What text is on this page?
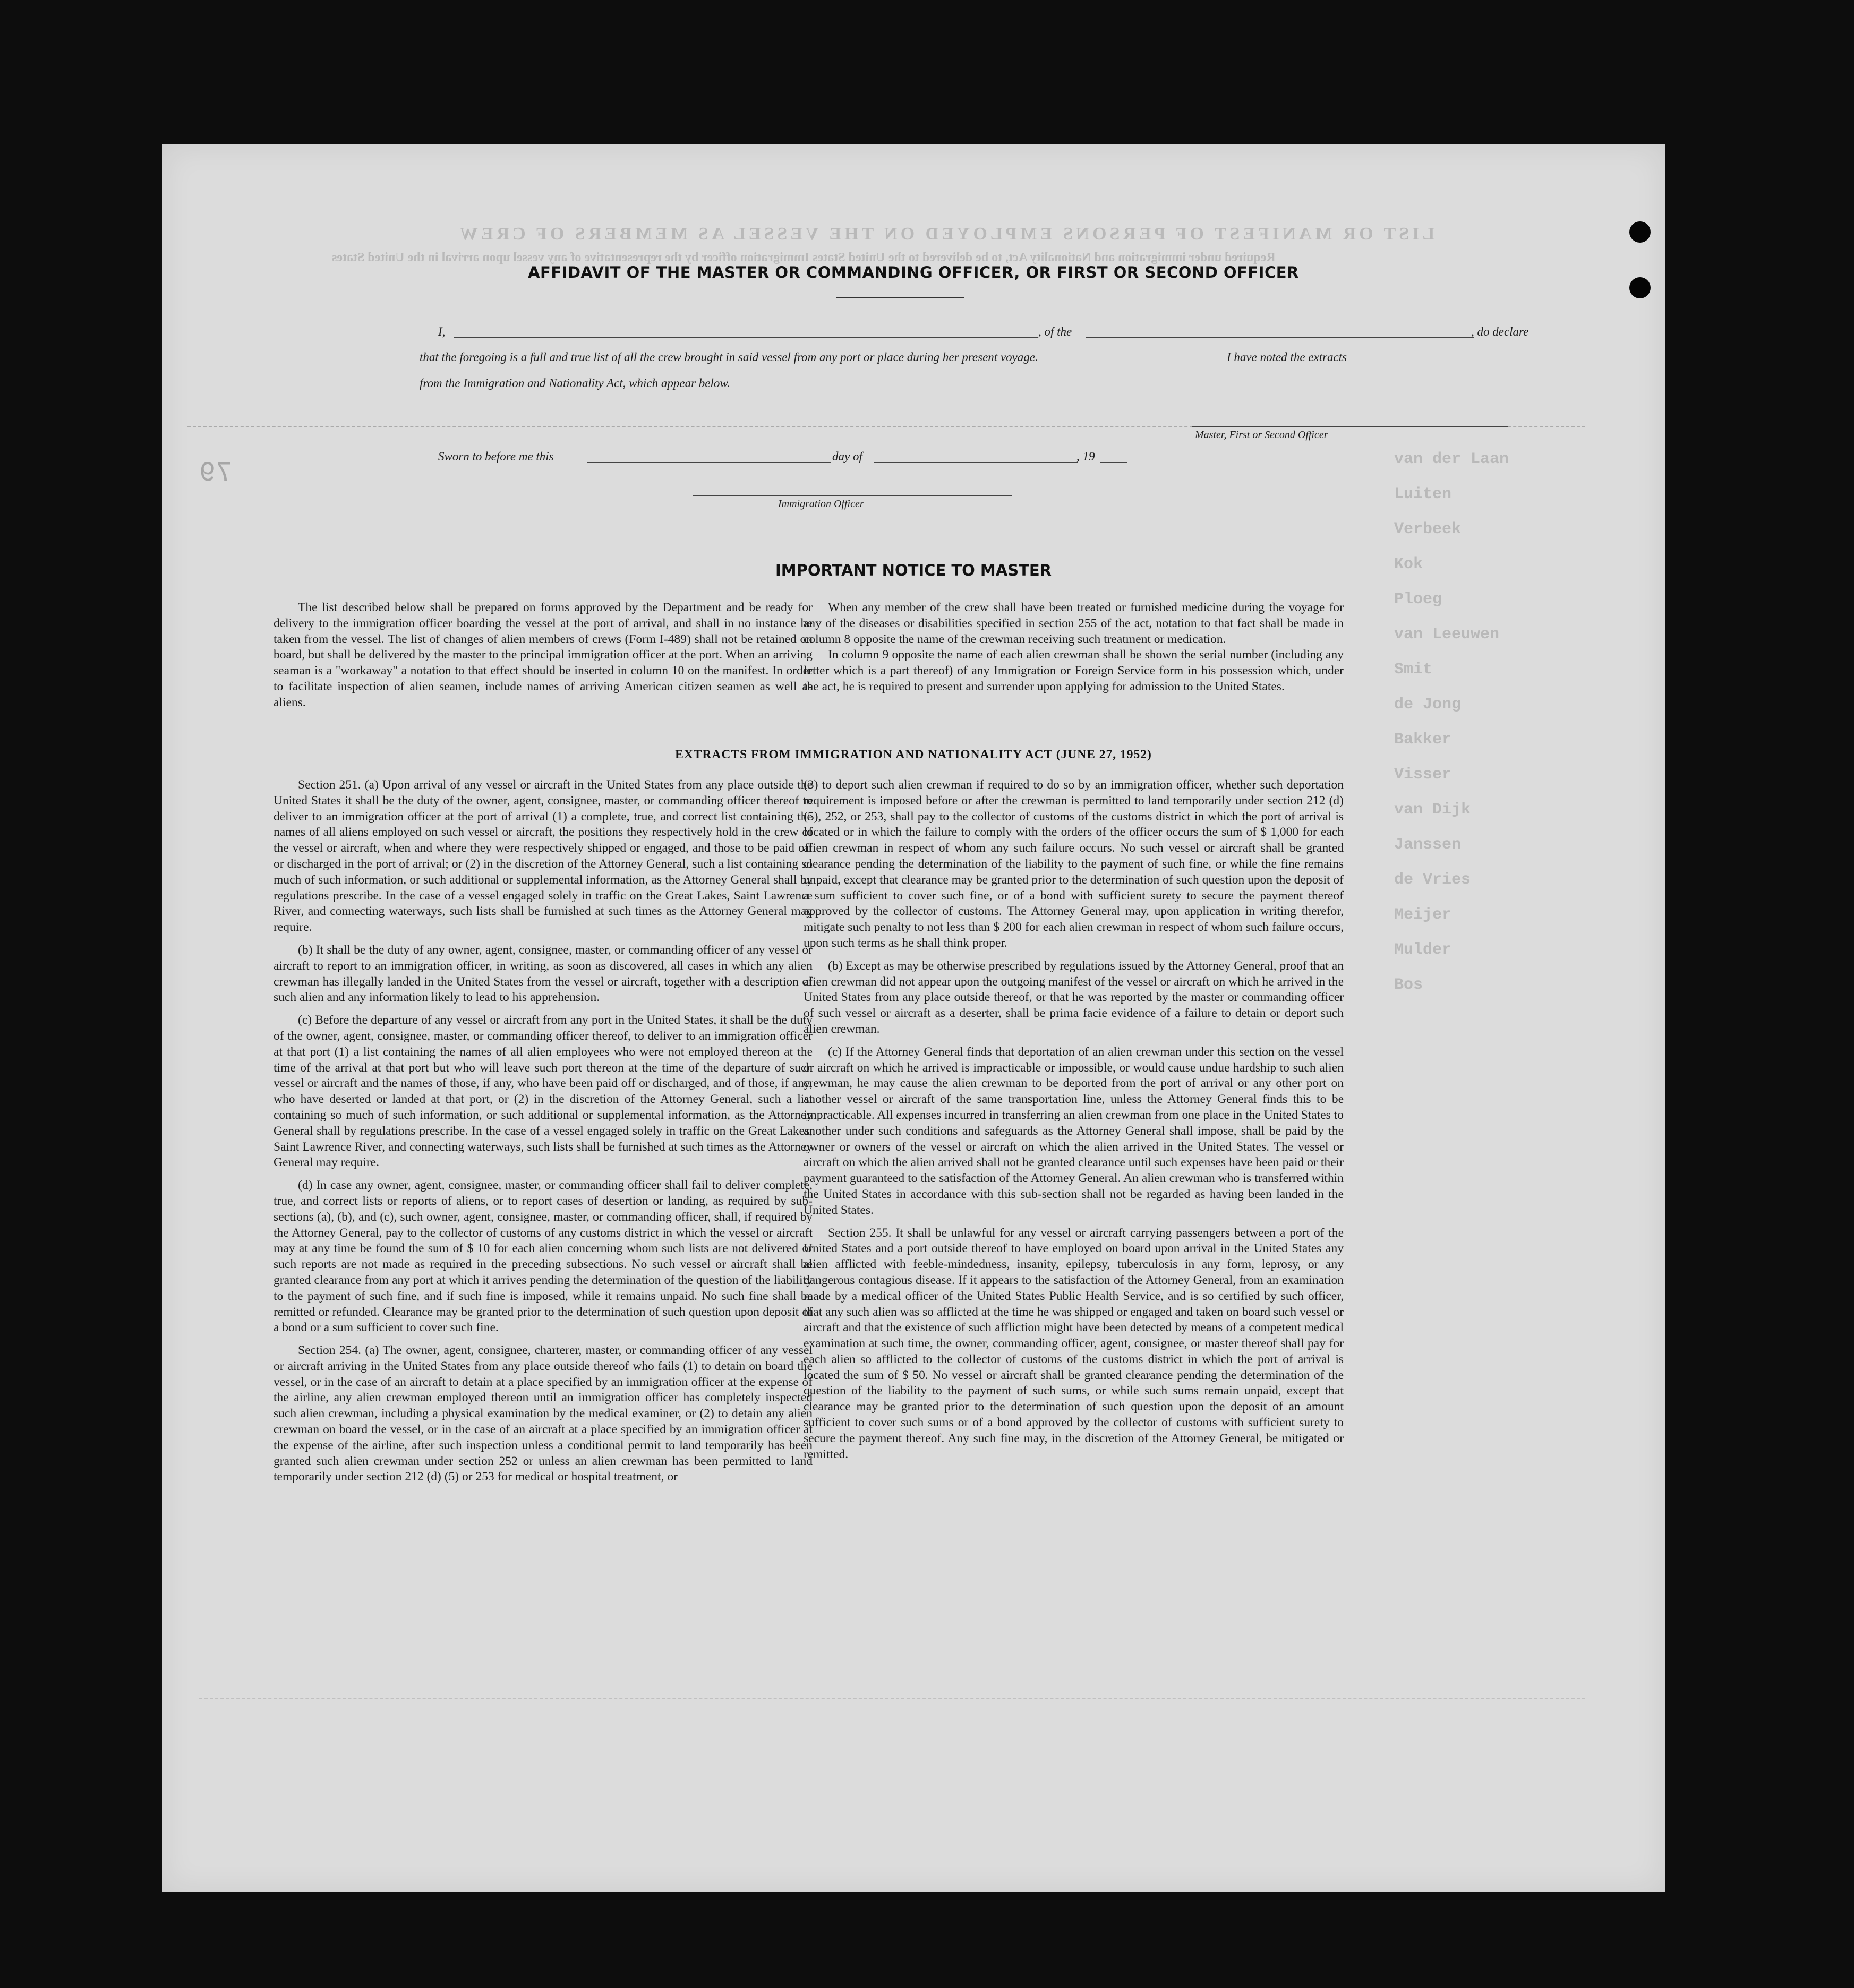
LIST OR MANIFEST OF PERSONS EMPLOYED ON THE VESSEL AS MEMBERS OF CREW
Required under immigration and Nationality Act, to be delivered to the United States Immigration officer by the representative of any vessel upon arrival in the United States
79	van der Laan
Luiten
Verbeek
Kok
Ploeg
van Leeuwen
Smit
de Jong
Bakker
Visser
van Dijk
Janssen
de Vries
Meijer
Mulder
Bos
AFFIDAVIT OF THE MASTER OR COMMANDING OFFICER, OR FIRST OR SECOND OFFICER
I,	, of the	, do declare
that the foregoing is a full and true list of all the crew brought in said vessel from any port or place during her present voyage.	I have noted the extracts
from the Immigration and Nationality Act, which appear below.
Master, First or Second Officer
Sworn to before me this	day of	, 19
Immigration Officer
IMPORTANT NOTICE TO MASTER

The list described below shall be prepared on forms approved by the Department and be ready for delivery to the immigration officer boarding the vessel at the port of arrival, and shall in no instance be taken from the vessel. The list of changes of alien members of crews (Form I-489) shall not be retained on board, but shall be delivered by the master to the principal immigration officer at the port. When an arriving seaman is a "workaway" a notation to that effect should be inserted in column 10 on the manifest. In order to facilitate inspection of alien seamen, include names of arriving American citizen seamen as well as aliens.

When any member of the crew shall have been treated or furnished medicine during the voyage for any of the diseases or disabilities specified in section 255 of the act, notation to that fact shall be made in column 8 opposite the name of the crewman receiving such treatment or medication.

In column 9 opposite the name of each alien crewman shall be shown the serial number (including any letter which is a part thereof) of any Immigration or Foreign Service form in his possession which, under the act, he is required to present and surrender upon applying for admission to the United States.

EXTRACTS FROM IMMIGRATION AND NATIONALITY ACT (JUNE 27, 1952)

Section 251. (a) Upon arrival of any vessel or aircraft in the United States from any place outside the United States it shall be the duty of the owner, agent, consignee, master, or commanding officer thereof to deliver to an immigration officer at the port of arrival (1) a complete, true, and correct list containing the names of all aliens employed on such vessel or aircraft, the positions they respectively hold in the crew of the vessel or aircraft, when and where they were respectively shipped or engaged, and those to be paid off or discharged in the port of arrival; or (2) in the discretion of the Attorney General, such a list containing so much of such information, or such additional or supplemental information, as the Attorney General shall by regulations prescribe. In the case of a vessel engaged solely in traffic on the Great Lakes, Saint Lawrence River, and connecting waterways, such lists shall be furnished at such times as the Attorney General may require.

(b) It shall be the duty of any owner, agent, consignee, master, or commanding officer of any vessel or aircraft to report to an immigration officer, in writing, as soon as discovered, all cases in which any alien crewman has illegally landed in the United States from the vessel or aircraft, together with a description of such alien and any information likely to lead to his apprehension.

(c) Before the departure of any vessel or aircraft from any port in the United States, it shall be the duty of the owner, agent, consignee, master, or commanding officer thereof, to deliver to an immigration officer at that port (1) a list containing the names of all alien employees who were not employed thereon at the time of the arrival at that port but who will leave such port thereon at the time of the departure of such vessel or aircraft and the names of those, if any, who have been paid off or discharged, and of those, if any, who have deserted or landed at that port, or (2) in the discretion of the Attorney General, such a list containing so much of such information, or such additional or supplemental information, as the Attorney General shall by regulations prescribe. In the case of a vessel engaged solely in traffic on the Great Lakes, Saint Lawrence River, and connecting waterways, such lists shall be furnished at such times as the Attorney General may require.

(d) In case any owner, agent, consignee, master, or commanding officer shall fail to deliver complete, true, and correct lists or reports of aliens, or to report cases of desertion or landing, as required by sub-sections (a), (b), and (c), such owner, agent, consignee, master, or commanding officer, shall, if required by the Attorney General, pay to the collector of customs of any customs district in which the vessel or aircraft may at any time be found the sum of $ 10 for each alien concerning whom such lists are not delivered or such reports are not made as required in the preceding subsections. No such vessel or aircraft shall be granted clearance from any port at which it arrives pending the determination of the question of the liability to the payment of such fine, and if such fine is imposed, while it remains unpaid. No such fine shall be remitted or refunded. Clearance may be granted prior to the determination of such question upon deposit of a bond or a sum sufficient to cover such fine.

Section 254. (a) The owner, agent, consignee, charterer, master, or commanding officer of any vessel or aircraft arriving in the United States from any place outside thereof who fails (1) to detain on board the vessel, or in the case of an aircraft to detain at a place specified by an immigration officer at the expense of the airline, any alien crewman employed thereon until an immigration officer has completely inspected such alien crewman, including a physical examination by the medical examiner, or (2) to detain any alien crewman on board the vessel, or in the case of an aircraft at a place specified by an immigration officer at the expense of the airline, after such inspection unless a conditional permit to land temporarily has been granted such alien crewman under section 252 or unless an alien crewman has been permitted to land temporarily under section 212 (d) (5) or 253 for medical or hospital treatment, or

(3) to deport such alien crewman if required to do so by an immigration officer, whether such deportation requirement is imposed before or after the crewman is permitted to land temporarily under section 212 (d) (5), 252, or 253, shall pay to the collector of customs of the customs district in which the port of arrival is located or in which the failure to comply with the orders of the officer occurs the sum of $ 1,000 for each alien crewman in respect of whom any such failure occurs. No such vessel or aircraft shall be granted clearance pending the determination of the liability to the payment of such fine, or while the fine remains unpaid, except that clearance may be granted prior to the determination of such question upon the deposit of a sum sufficient to cover such fine, or of a bond with sufficient surety to secure the payment thereof approved by the collector of customs. The Attorney General may, upon application in writing therefor, mitigate such penalty to not less than $ 200 for each alien crewman in respect of whom such failure occurs, upon such terms as he shall think proper.

(b) Except as may be otherwise prescribed by regulations issued by the Attorney General, proof that an alien crewman did not appear upon the outgoing manifest of the vessel or aircraft on which he arrived in the United States from any place outside thereof, or that he was reported by the master or commanding officer of such vessel or aircraft as a deserter, shall be prima facie evidence of a failure to detain or deport such alien crewman.

(c) If the Attorney General finds that deportation of an alien crewman under this section on the vessel or aircraft on which he arrived is impracticable or impossible, or would cause undue hardship to such alien crewman, he may cause the alien crewman to be deported from the port of arrival or any other port on another vessel or aircraft of the same transportation line, unless the Attorney General finds this to be impracticable. All expenses incurred in transferring an alien crewman from one place in the United States to another under such conditions and safeguards as the Attorney General shall impose, shall be paid by the owner or owners of the vessel or aircraft on which the alien arrived in the United States. The vessel or aircraft on which the alien arrived shall not be granted clearance until such expenses have been paid or their payment guaranteed to the satisfaction of the Attorney General. An alien crewman who is transferred within the United States in accordance with this sub-section shall not be regarded as having been landed in the United States.

Section 255. It shall be unlawful for any vessel or aircraft carrying passengers between a port of the United States and a port outside thereof to have employed on board upon arrival in the United States any alien afflicted with feeble-mindedness, insanity, epilepsy, tuberculosis in any form, leprosy, or any dangerous contagious disease. If it appears to the satisfaction of the Attorney General, from an examination made by a medical officer of the United States Public Health Service, and is so certified by such officer, that any such alien was so afflicted at the time he was shipped or engaged and taken on board such vessel or aircraft and that the existence of such affliction might have been detected by means of a competent medical examination at such time, the owner, commanding officer, agent, consignee, or master thereof shall pay for each alien so afflicted to the collector of customs of the customs district in which the port of arrival is located the sum of $ 50. No vessel or aircraft shall be granted clearance pending the determination of the question of the liability to the payment of such sums, or while such sums remain unpaid, except that clearance may be granted prior to the determination of such question upon the deposit of an amount sufficient to cover such sums or of a bond approved by the collector of customs with sufficient surety to secure the payment thereof. Any such fine may, in the discretion of the Attorney General, be mitigated or remitted.
